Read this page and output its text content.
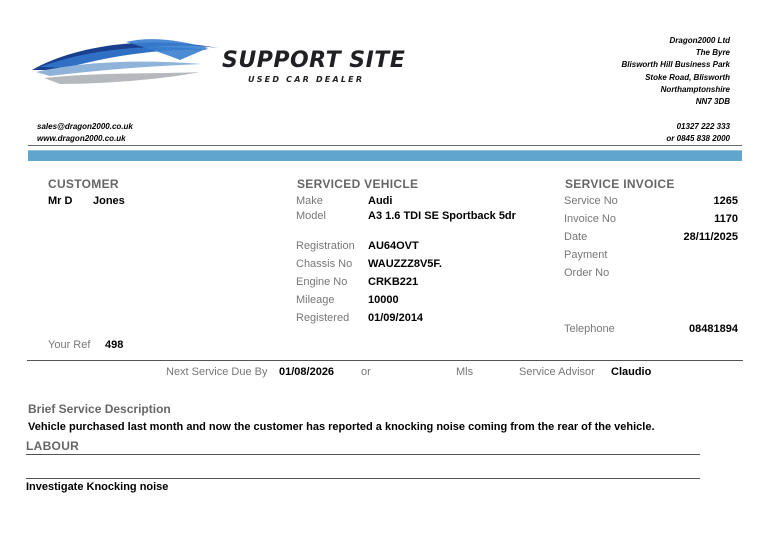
SUPPORT SITE
USED CAR DEALER
Dragon2000 Ltd
The Byre
Blisworth Hill Business Park
Stoke Road, Blisworth
Northamptonshire
NN7 3DB
sales@dragon2000.co.uk
www.dragon2000.co.uk
01327 222 333
or 0845 838 2000
CUSTOMER
Mr D Jones
Your Ref 498
SERVICED VEHICLE
Make	Audi
Model	A3 1.6 TDI SE Sportback 5dr
Registration AU64OVT
Chassis No WAUZZZ8V5F.
Engine No CRKB221
Mileage	10000
Registered 01/09/2014
SERVICE INVOICE
Service No	1265
Invoice No	1170
Date	28/11/2025
Payment
Order No
Telephone	08481894
Next Service Due By 01/08/2026 or	Mls	Service Advisor Claudio
Brief Service Description
Vehicle purchased last month and now the customer has reported a knocking noise coming from the rear of the vehicle.
LABOUR
Investigate Knocking noise
